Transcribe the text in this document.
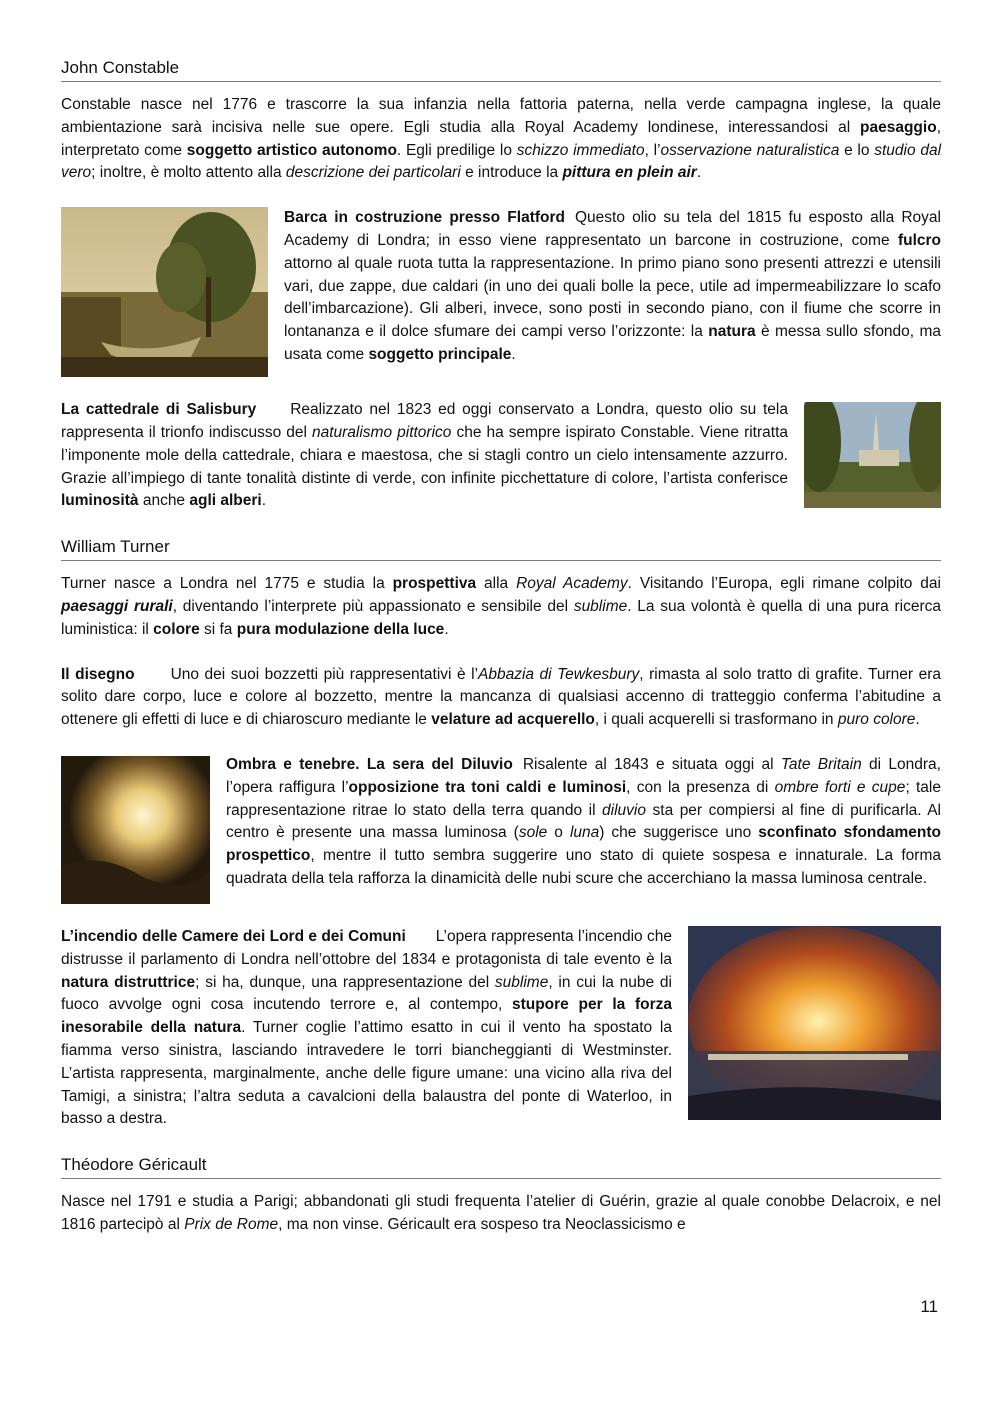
John Constable

Constable nasce nel 1776 e trascorre la sua infanzia nella fattoria paterna, nella verde campagna inglese, la quale ambientazione sarà incisiva nelle sue opere. Egli studia alla Royal Academy londinese, interessandosi al paesaggio, interpretato come soggetto artistico autonomo. Egli predilige lo schizzo immediato, l’osservazione naturalistica e lo studio dal vero; inoltre, è molto attento alla descrizione dei particolari e introduce la pittura en plein air.

Barca in costruzione presso Flatford Questo olio su tela del 1815 fu esposto alla Royal Academy di Londra; in esso viene rappresentato un barcone in costruzione, come fulcro attorno al quale ruota tutta la rappresentazione. In primo piano sono presenti attrezzi e utensili vari, due zappe, due caldari (in uno dei quali bolle la pece, utile ad impermeabilizzare lo scafo dell’imbarcazione). Gli alberi, invece, sono posti in secondo piano, con il fiume che scorre in lontananza e il dolce sfumare dei campi verso l’orizzonte: la natura è messa sullo sfondo, ma usata come soggetto principale.

La cattedrale di Salisbury Realizzato nel 1823 ed oggi conservato a Londra, questo olio su tela rappresenta il trionfo indiscusso del naturalismo pittorico che ha sempre ispirato Constable. Viene ritratta l’imponente mole della cattedrale, chiara e maestosa, che si stagli contro un cielo intensamente azzurro. Grazie all’impiego di tante tonalità distinte di verde, con infinite picchettature di colore, l’artista conferisce luminosità anche agli alberi.

William Turner

Turner nasce a Londra nel 1775 e studia la prospettiva alla Royal Academy. Visitando l’Europa, egli rimane colpito dai paesaggi rurali, diventando l’interprete più appassionato e sensibile del sublime. La sua volontà è quella di una pura ricerca luministica: il colore si fa pura modulazione della luce.

Il disegno Uno dei suoi bozzetti più rappresentativi è l’Abbazia di Tewkesbury, rimasta al solo tratto di grafite. Turner era solito dare corpo, luce e colore al bozzetto, mentre la mancanza di qualsiasi accenno di tratteggio conferma l’abitudine a ottenere gli effetti di luce e di chiaroscuro mediante le velature ad acquerello, i quali acquerelli si trasformano in puro colore.

Ombra e tenebre. La sera del Diluvio Risalente al 1843 e situata oggi al Tate Britain di Londra, l’opera raffigura l’opposizione tra toni caldi e luminosi, con la presenza di ombre forti e cupe; tale rappresentazione ritrae lo stato della terra quando il diluvio sta per compiersi al fine di purificarla. Al centro è presente una massa luminosa (sole o luna) che suggerisce uno sconfinato sfondamento prospettico, mentre il tutto sembra suggerire uno stato di quiete sospesa e innaturale. La forma quadrata della tela rafforza la dinamicità delle nubi scure che accerchiano la massa luminosa centrale.

L’incendio delle Camere dei Lord e dei Comuni L’opera rappresenta l’incendio che distrusse il parlamento di Londra nell’ottobre del 1834 e protagonista di tale evento è la natura distruttrice; si ha, dunque, una rappresentazione del sublime, in cui la nube di fuoco avvolge ogni cosa incutendo terrore e, al contempo, stupore per la forza inesorabile della natura. Turner coglie l’attimo esatto in cui il vento ha spostato la fiamma verso sinistra, lasciando intravedere le torri biancheggianti di Westminster. L’artista rappresenta, marginalmente, anche delle figure umane: una vicino alla riva del Tamigi, a sinistra; l’altra seduta a cavalcioni della balaustra del ponte di Waterloo, in basso a destra.

Théodore Géricault

Nasce nel 1791 e studia a Parigi; abbandonati gli studi frequenta l’atelier di Guérin, grazie al quale conobbe Delacroix, e nel 1816 partecipò al Prix de Rome, ma non vinse. Géricault era sospeso tra Neoclassicismo e

11
